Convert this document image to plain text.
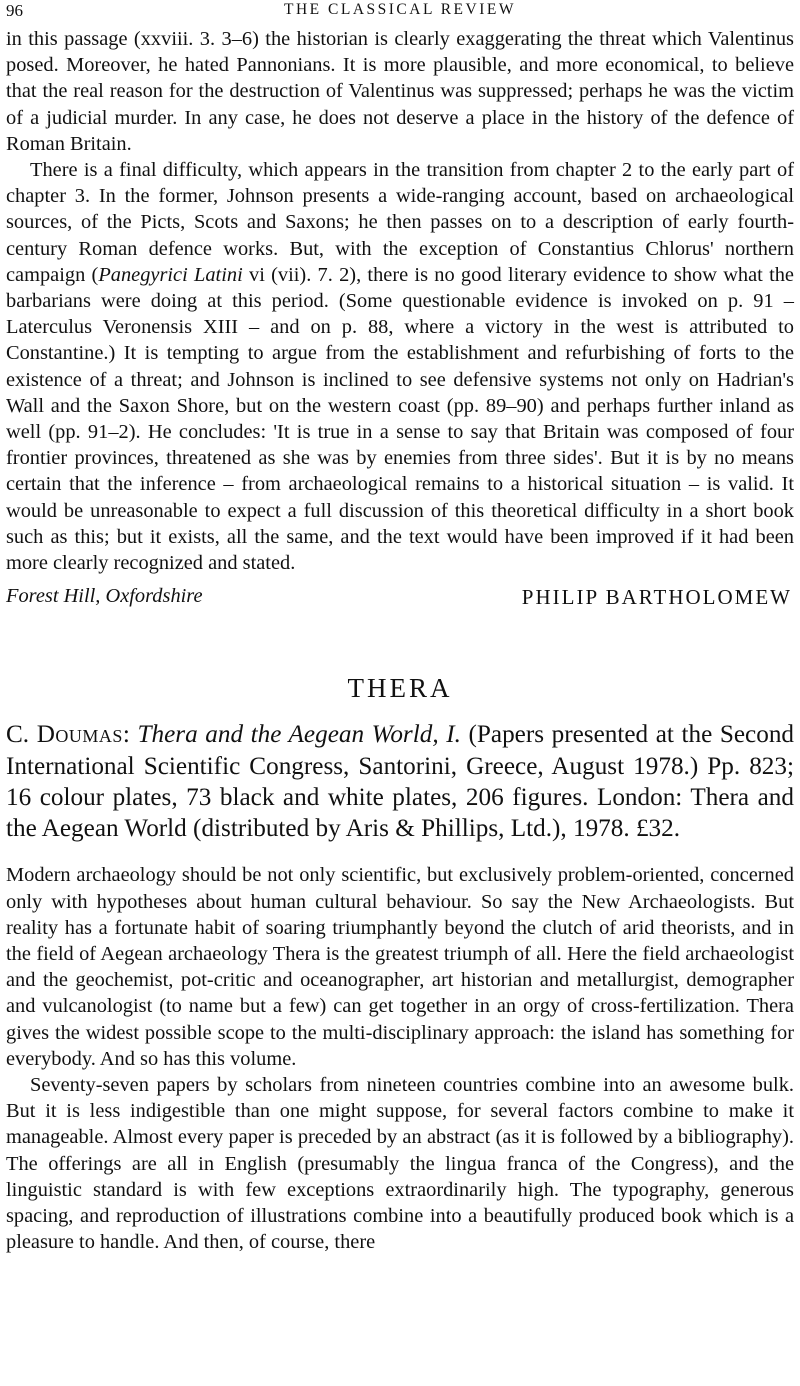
96	THE CLASSICAL REVIEW

in this passage (xxviii. 3. 3–6) the historian is clearly exaggerating the threat which Valentinus posed. Moreover, he hated Pannonians. It is more plausible, and more economical, to believe that the real reason for the destruction of Valentinus was suppressed; perhaps he was the victim of a judicial murder. In any case, he does not deserve a place in the history of the defence of Roman Britain.

There is a final difficulty, which appears in the transition from chapter 2 to the early part of chapter 3. In the former, Johnson presents a wide-ranging account, based on archaeological sources, of the Picts, Scots and Saxons; he then passes on to a description of early fourth-century Roman defence works. But, with the exception of Constantius Chlorus' northern campaign (Panegyrici Latini vi (vii). 7. 2), there is no good literary evidence to show what the barbarians were doing at this period. (Some questionable evidence is invoked on p. 91 – Laterculus Veronensis XIII – and on p. 88, where a victory in the west is attributed to Constantine.) It is tempting to argue from the establishment and refurbishing of forts to the existence of a threat; and Johnson is inclined to see defensive systems not only on Hadrian's Wall and the Saxon Shore, but on the western coast (pp. 89–90) and perhaps further inland as well (pp. 91–2). He concludes: 'It is true in a sense to say that Britain was composed of four frontier provinces, threatened as she was by enemies from three sides'. But it is by no means certain that the inference – from archaeological remains to a historical situation – is valid. It would be unreasonable to expect a full discussion of this theoretical difficulty in a short book such as this; but it exists, all the same, and the text would have been improved if it had been more clearly recognized and stated.

Forest Hill, Oxfordshire	PHILIP BARTHOLOMEW
THERA
C. Doumas: Thera and the Aegean World, I. (Papers presented at the Second International Scientific Congress, Santorini, Greece, August 1978.) Pp. 823; 16 colour plates, 73 black and white plates, 206 figures. London: Thera and the Aegean World (distributed by Aris & Phillips, Ltd.), 1978. £32.

Modern archaeology should be not only scientific, but exclusively problem-oriented, concerned only with hypotheses about human cultural behaviour. So say the New Archaeologists. But reality has a fortunate habit of soaring triumphantly beyond the clutch of arid theorists, and in the field of Aegean archaeology Thera is the greatest triumph of all. Here the field archaeologist and the geochemist, pot-critic and oceanographer, art historian and metallurgist, demographer and vulcanologist (to name but a few) can get together in an orgy of cross-fertilization. Thera gives the widest possible scope to the multi-disciplinary approach: the island has something for everybody. And so has this volume.

Seventy-seven papers by scholars from nineteen countries combine into an awesome bulk. But it is less indigestible than one might suppose, for several factors combine to make it manageable. Almost every paper is preceded by an abstract (as it is followed by a bibliography). The offerings are all in English (presumably the lingua franca of the Congress), and the linguistic standard is with few exceptions extraordinarily high. The typography, generous spacing, and reproduction of illustrations combine into a beautifully produced book which is a pleasure to handle. And then, of course, there
